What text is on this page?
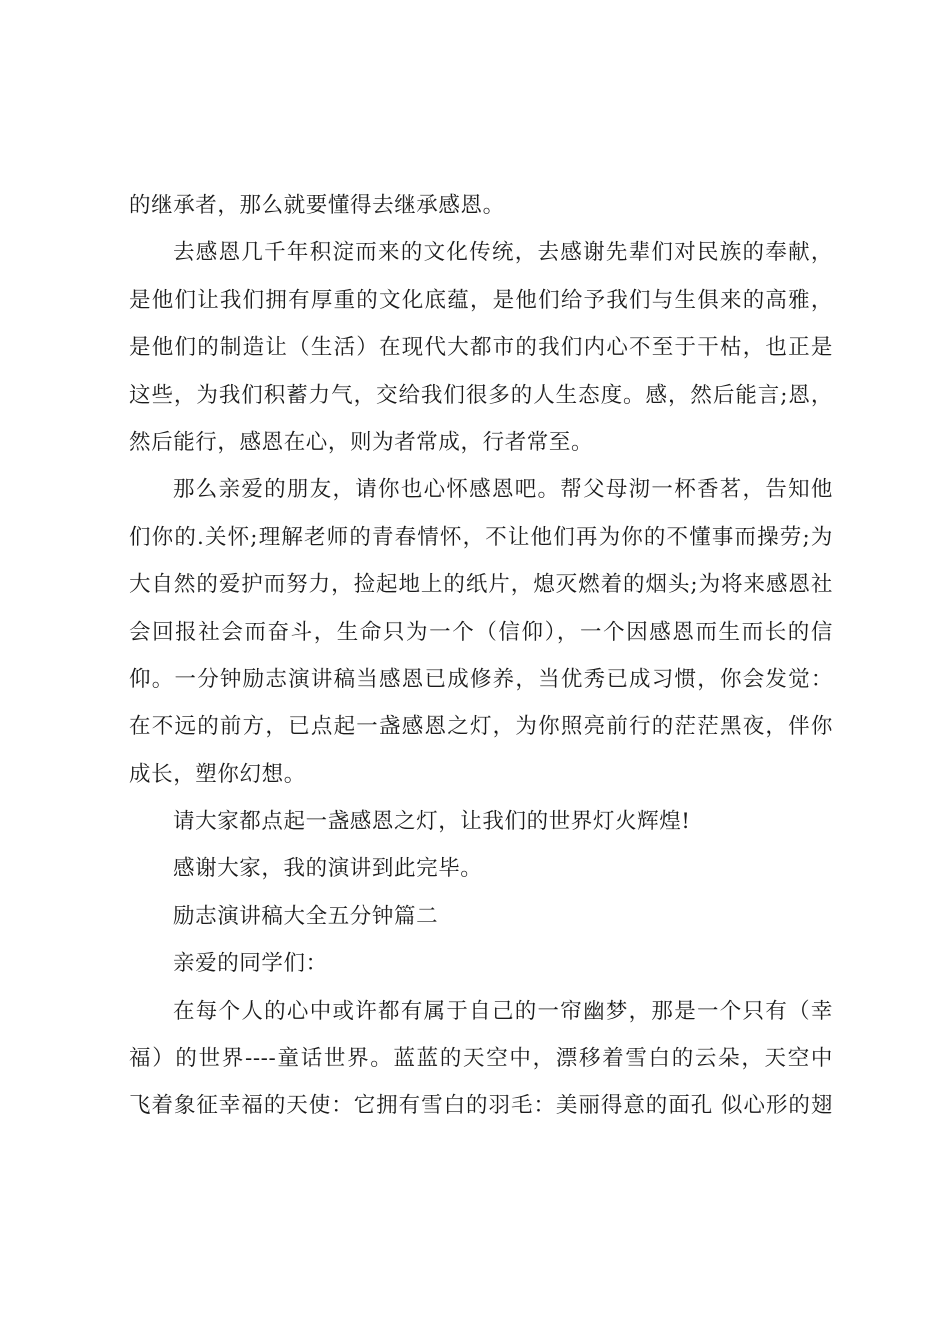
的继承者，那么就要懂得去继承感恩。
去感恩几千年积淀而来的文化传统，去感谢先辈们对民族的奉献，
是他们让我们拥有厚重的文化底蕴，是他们给予我们与生俱来的高雅，
是他们的制造让（生活）在现代大都市的我们内心不至于干枯，也正是
这些，为我们积蓄力气，交给我们很多的人生态度。感，然后能言;恩，
然后能行，感恩在心，则为者常成，行者常至。
那么亲爱的朋友，请你也心怀感恩吧。帮父母沏一杯香茗，告知他
们你的.关怀;理解老师的青春情怀，不让他们再为你的不懂事而操劳;为
大自然的爱护而努力，捡起地上的纸片，熄灭燃着的烟头;为将来感恩社
会回报社会而奋斗，生命只为一个（信仰），一个因感恩而生而长的信
仰。一分钟励志演讲稿当感恩已成修养，当优秀已成习惯，你会发觉：
在不远的前方，已点起一盏感恩之灯，为你照亮前行的茫茫黑夜，伴你
成长，塑你幻想。
请大家都点起一盏感恩之灯，让我们的世界灯火辉煌!
感谢大家，我的演讲到此完毕。
励志演讲稿大全五分钟篇二
亲爱的同学们：
在每个人的心中或许都有属于自己的一帘幽梦，那是一个只有（幸
福）的世界----童话世界。蓝蓝的天空中，漂移着雪白的云朵，天空中
飞着象征幸福的天使：它拥有雪白的羽毛：美丽得意的面孔 似心形的翅
